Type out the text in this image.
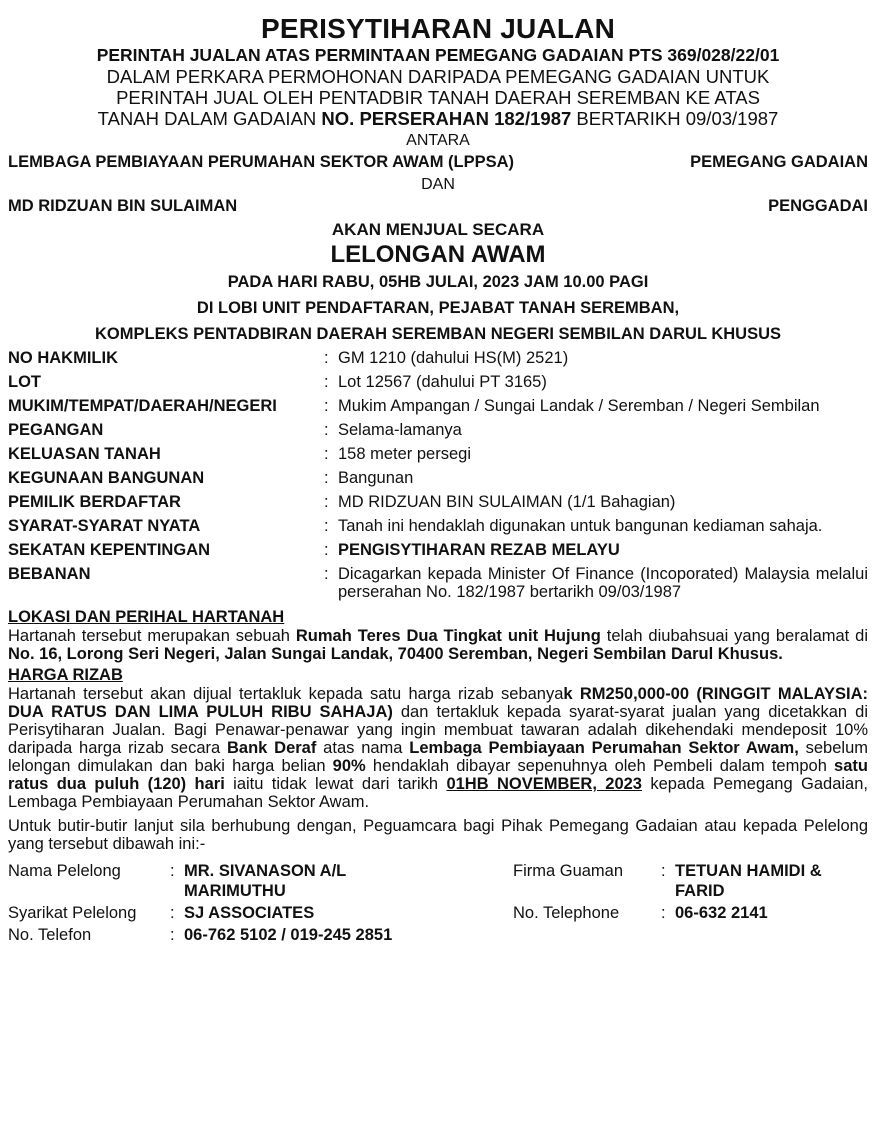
PERISYTIHARAN JUALAN
PERINTAH JUALAN ATAS PERMINTAAN PEMEGANG GADAIAN PTS 369/028/22/01
DALAM PERKARA PERMOHONAN DARIPADA PEMEGANG GADAIAN UNTUK
PERINTAH JUAL OLEH PENTADBIR TANAH DAERAH SEREMBAN KE ATAS
TANAH DALAM GADAIAN NO. PERSERAHAN 182/1987 BERTARIKH 09/03/1987
ANTARA
LEMBAGA PEMBIAYAAN PERUMAHAN SEKTOR AWAM (LPPSA)	PEMEGANG GADAIAN
DAN
MD RIDZUAN BIN SULAIMAN	PENGGADAI
AKAN MENJUAL SECARA
LELONGAN AWAM
PADA HARI RABU, 05HB JULAI, 2023 JAM 10.00 PAGI
DI LOBI UNIT PENDAFTARAN, PEJABAT TANAH SEREMBAN,
KOMPLEKS PENTADBIRAN DAERAH SEREMBAN NEGERI SEMBILAN DARUL KHUSUS
NO HAKMILIK	: GM 1210 (dahului HS(M) 2521)
LOT	: Lot 12567 (dahului PT 3165)
MUKIM/TEMPAT/DAERAH/NEGERI	: Mukim Ampangan / Sungai Landak / Seremban / Negeri Sembilan
PEGANGAN	: Selama-lamanya
KELUASAN TANAH	: 158 meter persegi
KEGUNAAN BANGUNAN	: Bangunan
PEMILIK BERDAFTAR	: MD RIDZUAN BIN SULAIMAN (1/1 Bahagian)
SYARAT-SYARAT NYATA	: Tanah ini hendaklah digunakan untuk bangunan kediaman sahaja.
SEKATAN KEPENTINGAN	: PENGISYTIHARAN REZAB MELAYU
BEBANAN	: Dicagarkan kepada Minister Of Finance (Incoporated) Malaysia melalui perserahan No. 182/1987 bertarikh 09/03/1987
LOKASI DAN PERIHAL HARTANAH
Hartanah tersebut merupakan sebuah Rumah Teres Dua Tingkat unit Hujung telah diubahsuai yang beralamat di No. 16, Lorong Seri Negeri, Jalan Sungai Landak, 70400 Seremban, Negeri Sembilan Darul Khusus.
HARGA RIZAB
Hartanah tersebut akan dijual tertakluk kepada satu harga rizab sebanyak RM250,000-00 (RINGGIT MALAYSIA: DUA RATUS DAN LIMA PULUH RIBU SAHAJA) dan tertakluk kepada syarat-syarat jualan yang dicetakkan di Perisytiharan Jualan. Bagi Penawar-penawar yang ingin membuat tawaran adalah dikehendaki mendeposit 10% daripada harga rizab secara Bank Deraf atas nama Lembaga Pembiayaan Perumahan Sektor Awam, sebelum lelongan dimulakan dan baki harga belian 90% hendaklah dibayar sepenuhnya oleh Pembeli dalam tempoh satu ratus dua puluh (120) hari iaitu tidak lewat dari tarikh 01HB NOVEMBER, 2023 kepada Pemegang Gadaian, Lembaga Pembiayaan Perumahan Sektor Awam.
Untuk butir-butir lanjut sila berhubung dengan, Peguamcara bagi Pihak Pemegang Gadaian atau kepada Pelelong yang tersebut dibawah ini:-
Nama Pelelong	: MR. SIVANASON A/L MARIMUTHU
Syarikat Pelelong	: SJ ASSOCIATES
No. Telefon	: 06-762 5102 / 019-245 2851
Firma Guaman	: TETUAN HAMIDI & FARID
No. Telephone	: 06-632 2141
